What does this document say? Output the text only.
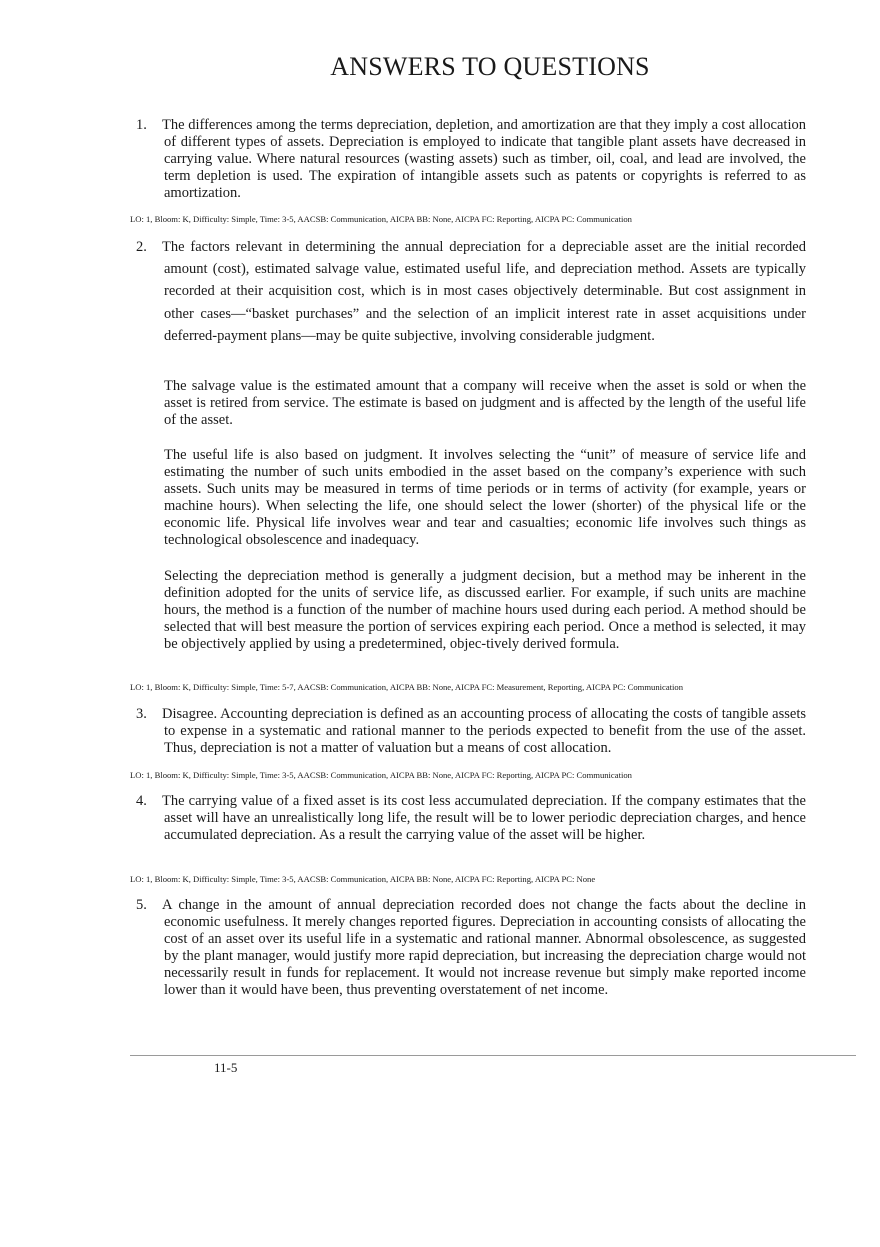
ANSWERS TO QUESTIONS

1. The differences among the terms depreciation, depletion, and amortization are that they imply a cost allocation of different types of assets. Depreciation is employed to indicate that tangible plant assets have decreased in carrying value. Where natural resources (wasting assets) such as timber, oil, coal, and lead are involved, the term depletion is used. The expiration of intangible assets such as patents or copyrights is referred to as amortization.

LO: 1, Bloom: K, Difficulty: Simple, Time: 3-5, AACSB: Communication, AICPA BB: None, AICPA FC: Reporting, AICPA PC: Communication

2. The factors relevant in determining the annual depreciation for a depreciable asset are the initial recorded amount (cost), estimated salvage value, estimated useful life, and depreciation method. Assets are typically recorded at their acquisition cost, which is in most cases objectively determinable. But cost assignment in other cases—“basket purchases” and the selection of an implicit interest rate in asset acquisitions under deferred-payment plans—may be quite subjective, involving considerable judgment.

The salvage value is the estimated amount that a company will receive when the asset is sold or when the asset is retired from service. The estimate is based on judgment and is affected by the length of the useful life of the asset.

The useful life is also based on judgment. It involves selecting the “unit” of measure of service life and estimating the number of such units embodied in the asset based on the company’s experience with such assets. Such units may be measured in terms of time periods or in terms of activity (for example, years or machine hours). When selecting the life, one should select the lower (shorter) of the physical life or the economic life. Physical life involves wear and tear and casualties; economic life involves such things as technological obsolescence and inadequacy.

Selecting the depreciation method is generally a judgment decision, but a method may be inherent in the definition adopted for the units of service life, as discussed earlier. For example, if such units are machine hours, the method is a function of the number of machine hours used during each period. A method should be selected that will best measure the portion of services expiring each period. Once a method is selected, it may be objectively applied by using a predetermined, objec-tively derived formula.

LO: 1, Bloom: K, Difficulty: Simple, Time: 5-7, AACSB: Communication, AICPA BB: None, AICPA FC: Measurement, Reporting, AICPA PC: Communication

3. Disagree. Accounting depreciation is defined as an accounting process of allocating the costs of tangible assets to expense in a systematic and rational manner to the periods expected to benefit from the use of the asset. Thus, depreciation is not a matter of valuation but a means of cost allocation.

LO: 1, Bloom: K, Difficulty: Simple, Time: 3-5, AACSB: Communication, AICPA BB: None, AICPA FC: Reporting, AICPA PC: Communication

4. The carrying value of a fixed asset is its cost less accumulated depreciation. If the company estimates that the asset will have an unrealistically long life, the result will be to lower periodic depreciation charges, and hence accumulated depreciation. As a result the carrying value of the asset will be higher.

LO: 1, Bloom: K, Difficulty: Simple, Time: 3-5, AACSB: Communication, AICPA BB: None, AICPA FC: Reporting, AICPA PC: None

5. A change in the amount of annual depreciation recorded does not change the facts about the decline in economic usefulness. It merely changes reported figures. Depreciation in accounting consists of allocating the cost of an asset over its useful life in a systematic and rational manner. Abnormal obsolescence, as suggested by the plant manager, would justify more rapid depreciation, but increasing the depreciation charge would not necessarily result in funds for replacement. It would not increase revenue but simply make reported income lower than it would have been, thus preventing overstatement of net income.

11-5
